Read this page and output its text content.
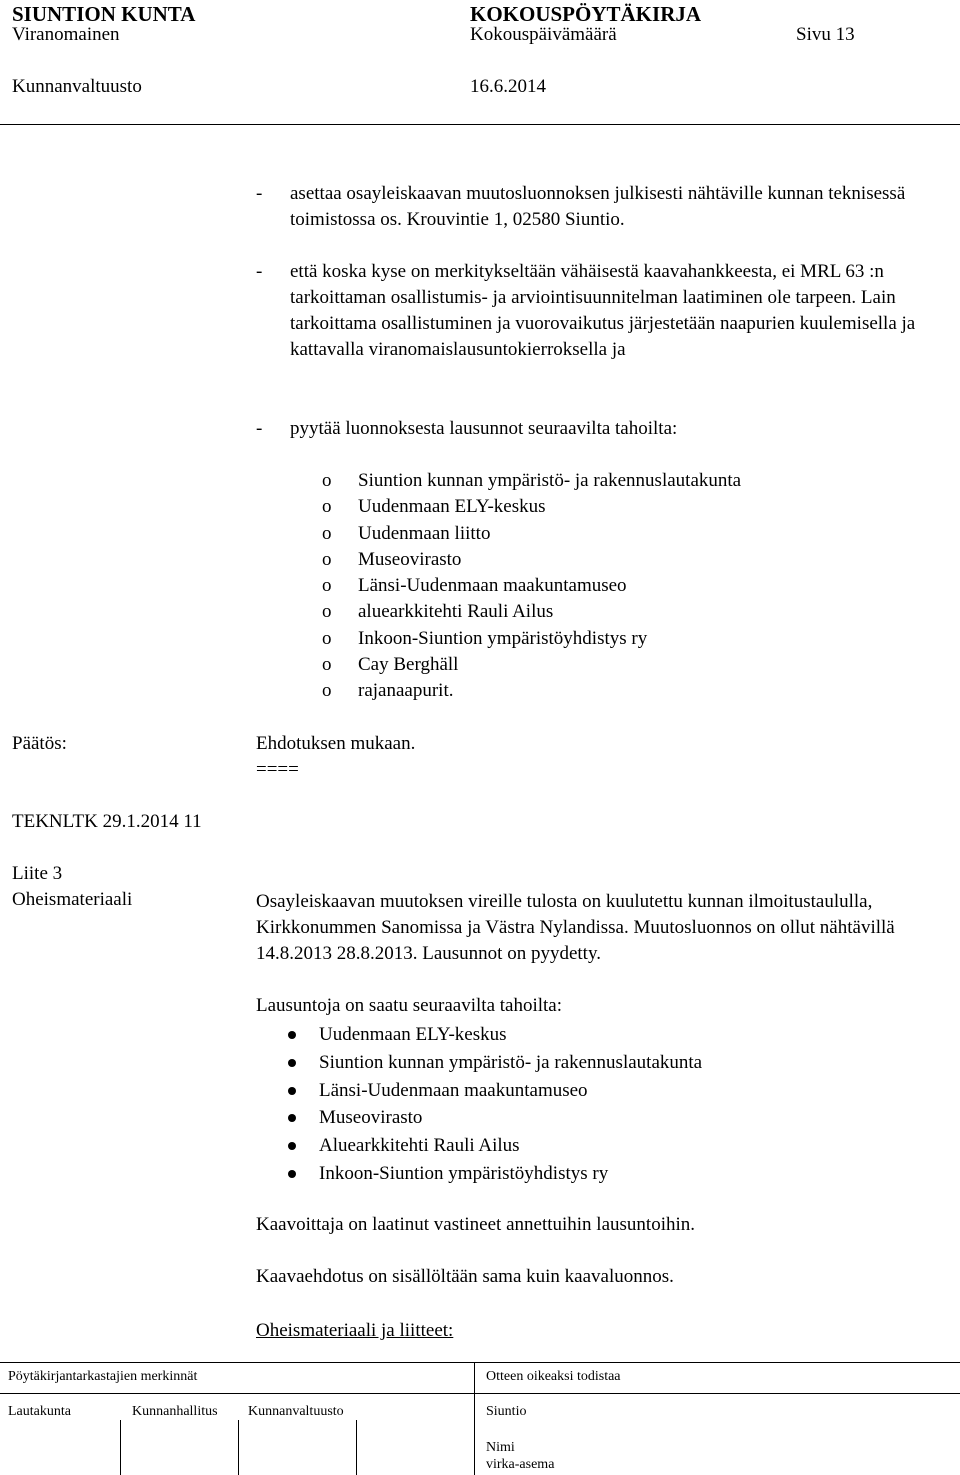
SIUNTION KUNTA	KOKOUSPÖYTÄKIRJA
Viranomainen	Kokouspäivämäärä	Sivu 13
Kunnanvaltuusto	16.6.2014
- asettaa osayleiskaavan muutosluonnoksen julkisesti nähtäville kunnan teknisessä toimistossa os. Krouvintie 1, 02580 Siuntio.
- että koska kyse on merkitykseltään vähäisestä kaavahankkeesta, ei MRL 63 :n tarkoittaman osallistumis- ja arviointisuunnitelman laatiminen ole tarpeen. Lain tarkoittama osallistuminen ja vuorovaikutus järjestetään naapurien kuulemisella ja kattavalla viranomaislausuntokierroksella ja
- pyytää luonnoksesta lausunnot seuraavilta tahoilta:
o Siuntion kunnan ympäristö- ja rakennuslautakunta
o Uudenmaan ELY-keskus
o Uudenmaan liitto
o Museovirasto
o Länsi-Uudenmaan maakuntamuseo
o aluearkkitehti Rauli Ailus
o Inkoon-Siuntion ympäristöyhdistys ry
o Cay Berghäll
o rajanaapurit.
Päätös:	Ehdotuksen mukaan.
====
TEKNLTK 29.1.2014 11
Liite 3
Oheismateriaali	Osayleiskaavan muutoksen vireille tulosta on kuulutettu kunnan ilmoitustaululla, Kirkkonummen Sanomissa ja Västra Nylandissa. Muutosluonnos on ollut nähtävillä 14.8.2013 28.8.2013. Lausunnot on pyydetty.
Lausuntoja on saatu seuraavilta tahoilta:
Uudenmaan ELY-keskus
Siuntion kunnan ympäristö- ja rakennuslautakunta
Länsi-Uudenmaan maakuntamuseo
Museovirasto
Aluearkkitehti Rauli Ailus
Inkoon-Siuntion ympäristöyhdistys ry
Kaavoittaja on laatinut vastineet annettuihin lausuntoihin.
Kaavaehdotus on sisällöltään sama kuin kaavaluonnos.
Oheismateriaali ja liitteet:
Pöytäkirjantarkastajien merkinnät	Otteen oikeaksi todistaa
Lautakunta	Kunnanhallitus Kunnanvaltuusto	Siuntio
Nimi
virka-asema
